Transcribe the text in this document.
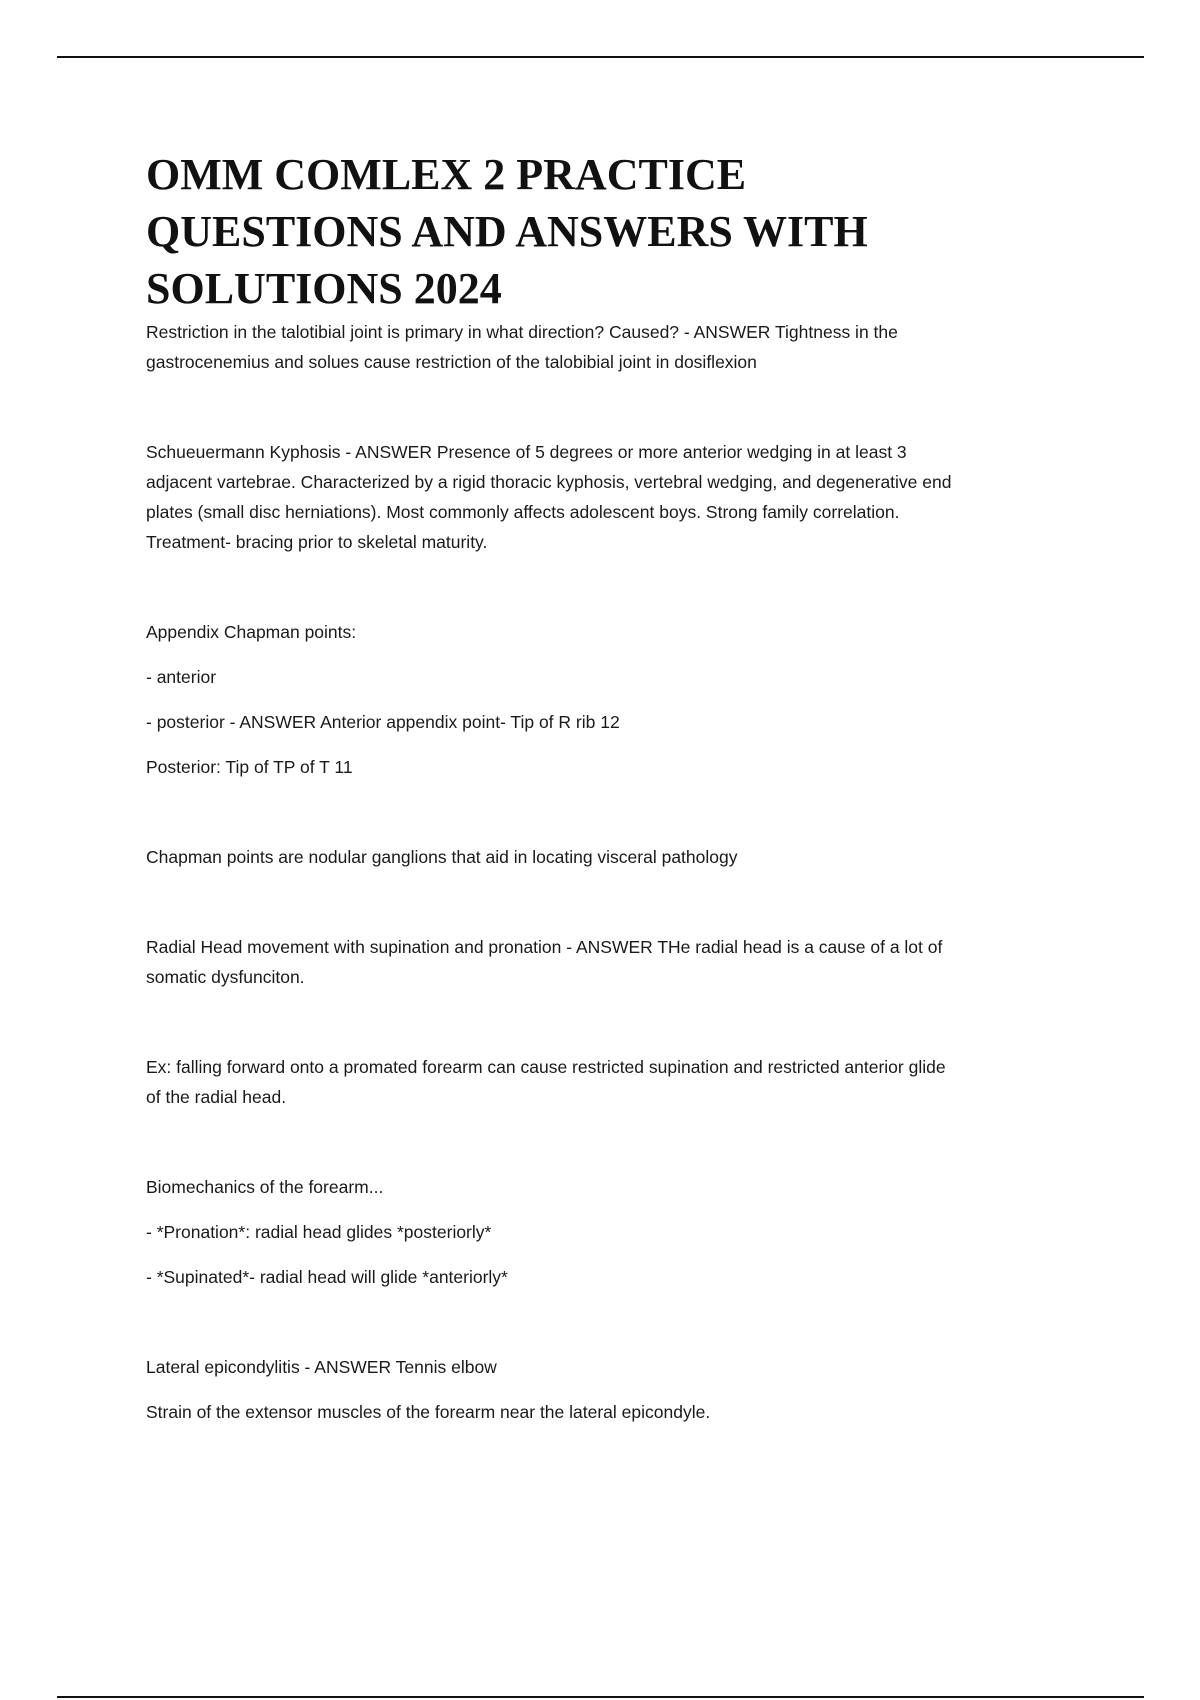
OMM COMLEX 2 PRACTICE
QUESTIONS AND ANSWERS WITH
SOLUTIONS 2024

Restriction in the talotibial joint is primary in what direction? Caused? - ANSWER Tightness in the
gastrocenemius and solues cause restriction of the talobibial joint in dosiflexion

Schueuermann Kyphosis - ANSWER Presence of 5 degrees or more anterior wedging in at least 3
adjacent vartebrae. Characterized by a rigid thoracic kyphosis, vertebral wedging, and degenerative end
plates (small disc herniations). Most commonly affects adolescent boys. Strong family correlation.
Treatment- bracing prior to skeletal maturity.

Appendix Chapman points:

- anterior

- posterior - ANSWER Anterior appendix point- Tip of R rib 12

Posterior: Tip of TP of T 11

Chapman points are nodular ganglions that aid in locating visceral pathology

Radial Head movement with supination and pronation - ANSWER THe radial head is a cause of a lot of
somatic dysfunciton.

Ex: falling forward onto a promated forearm can cause restricted supination and restricted anterior glide
of the radial head.

Biomechanics of the forearm...

- *Pronation*: radial head glides *posteriorly*

- *Supinated*- radial head will glide *anteriorly*

Lateral epicondylitis - ANSWER Tennis elbow

Strain of the extensor muscles of the forearm near the lateral epicondyle.
